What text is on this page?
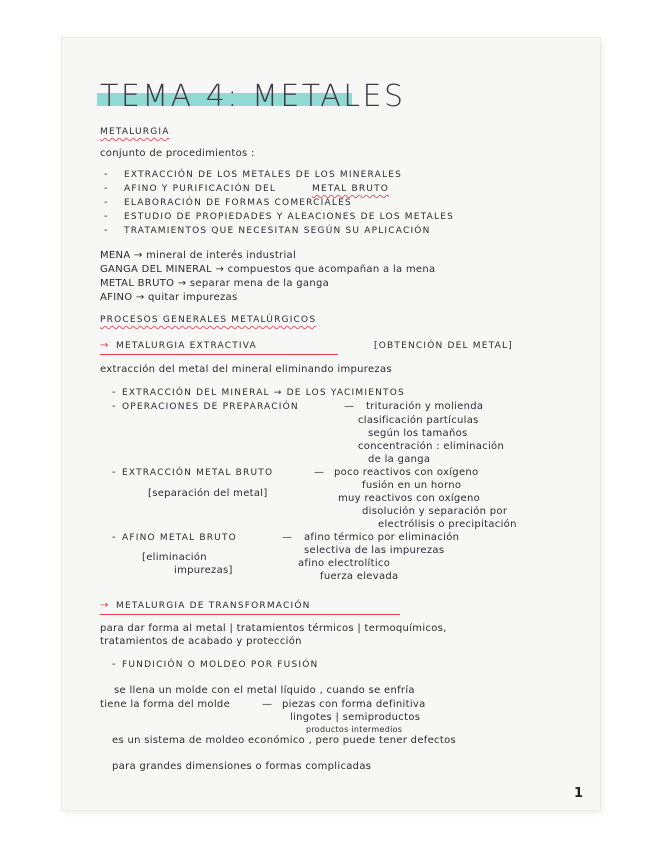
TEMA 4: METALES
METALURGIA
conjunto de procedimientos :
- EXTRACCIÓN DE LOS METALES DE LOS MINERALES
- AFINO Y PURIFICACIÓN DEL	METAL BRUTO
- ELABORACIÓN DE FORMAS COMERCIALES
- ESTUDIO DE PROPIEDADES Y ALEACIONES DE LOS METALES
- TRATAMIENTOS QUE NECESITAN SEGÚN SU APLICACIÓN
MENA → mineral de interés industrial
GANGA DEL MINERAL → compuestos que acompañan a la mena
METAL BRUTO → separar mena de la ganga
AFINO → quitar impurezas
PROCESOS GENERALES METALÚRGICOS
→ METALURGIA EXTRACTIVA	[OBTENCIÓN DEL METAL]
extracción del metal del mineral eliminando impurezas
- EXTRACCIÓN DEL MINERAL → DE LOS YACIMIENTOS
- OPERACIONES DE PREPARACIÓN	— trituración y molienda
clasificación partículas
según los tamaños
concentración : eliminación
de la ganga
- EXTRACCIÓN METAL BRUTO	— poco reactivos con oxígeno
fusión en un horno
muy reactivos con oxígeno
disolución y separación por
electrólisis o precipitación
[separación del metal]
- AFINO METAL BRUTO	— afino térmico por eliminación
selectiva de las impurezas
afino electrolítico
fuerza elevada
[eliminación
impurezas]
→ METALURGIA DE TRANSFORMACIÓN
para dar forma al metal | tratamientos térmicos | termoquímicos,
tratamientos de acabado y protección
- FUNDICIÓN O MOLDEO POR FUSIÓN
se llena un molde con el metal líquido , cuando se enfría
tiene la forma del molde	— piezas con forma definitiva
lingotes | semiproductos
productos intermedios
es un sistema de moldeo económico , pero puede tener defectos
para grandes dimensiones o formas complicadas
1
